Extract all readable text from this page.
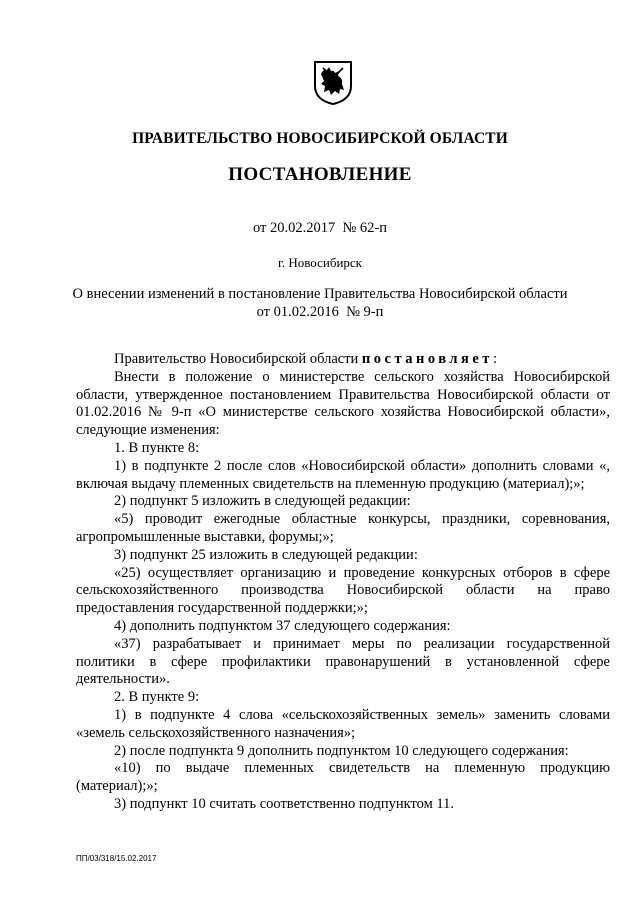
ПРАВИТЕЛЬСТВО НОВОСИБИРСКОЙ ОБЛАСТИ
ПОСТАНОВЛЕНИЕ
от 20.02.2017  № 62-п
г. Новосибирск
О внесении изменений в постановление Правительства Новосибирской области
от 01.02.2016  № 9-п

Правительство Новосибирской области постановляет:

Внести в положение о министерстве сельского хозяйства Новосибирской области, утвержденное постановлением Правительства Новосибирской области от 01.02.2016 № 9-п «О министерстве сельского хозяйства Новосибирской области», следующие изменения:

1. В пункте 8:

1) в подпункте 2 после слов «Новосибирской области» дополнить словами «, включая выдачу племенных свидетельств на племенную продукцию (материал);»;

2) подпункт 5 изложить в следующей редакции:

«5) проводит ежегодные областные конкурсы, праздники, соревнования, агропромышленные выставки, форумы;»;

3) подпункт 25 изложить в следующей редакции:

«25) осуществляет организацию и проведение конкурсных отборов в сфере сельскохозяйственного производства Новосибирской области на право предоставления государственной поддержки;»;

4) дополнить подпунктом 37 следующего содержания:

«37) разрабатывает и принимает меры по реализации государственной политики в сфере профилактики правонарушений в установленной сфере деятельности».

2. В пункте 9:

1) в подпункте 4 слова «сельскохозяйственных земель» заменить словами «земель сельскохозяйственного назначения»;

2) после подпункта 9 дополнить подпунктом 10 следующего содержания:

«10) по выдаче племенных свидетельств на племенную продукцию (материал);»;

3) подпункт 10 считать соответственно подпунктом 11.

ПП/03/318/15.02.2017
